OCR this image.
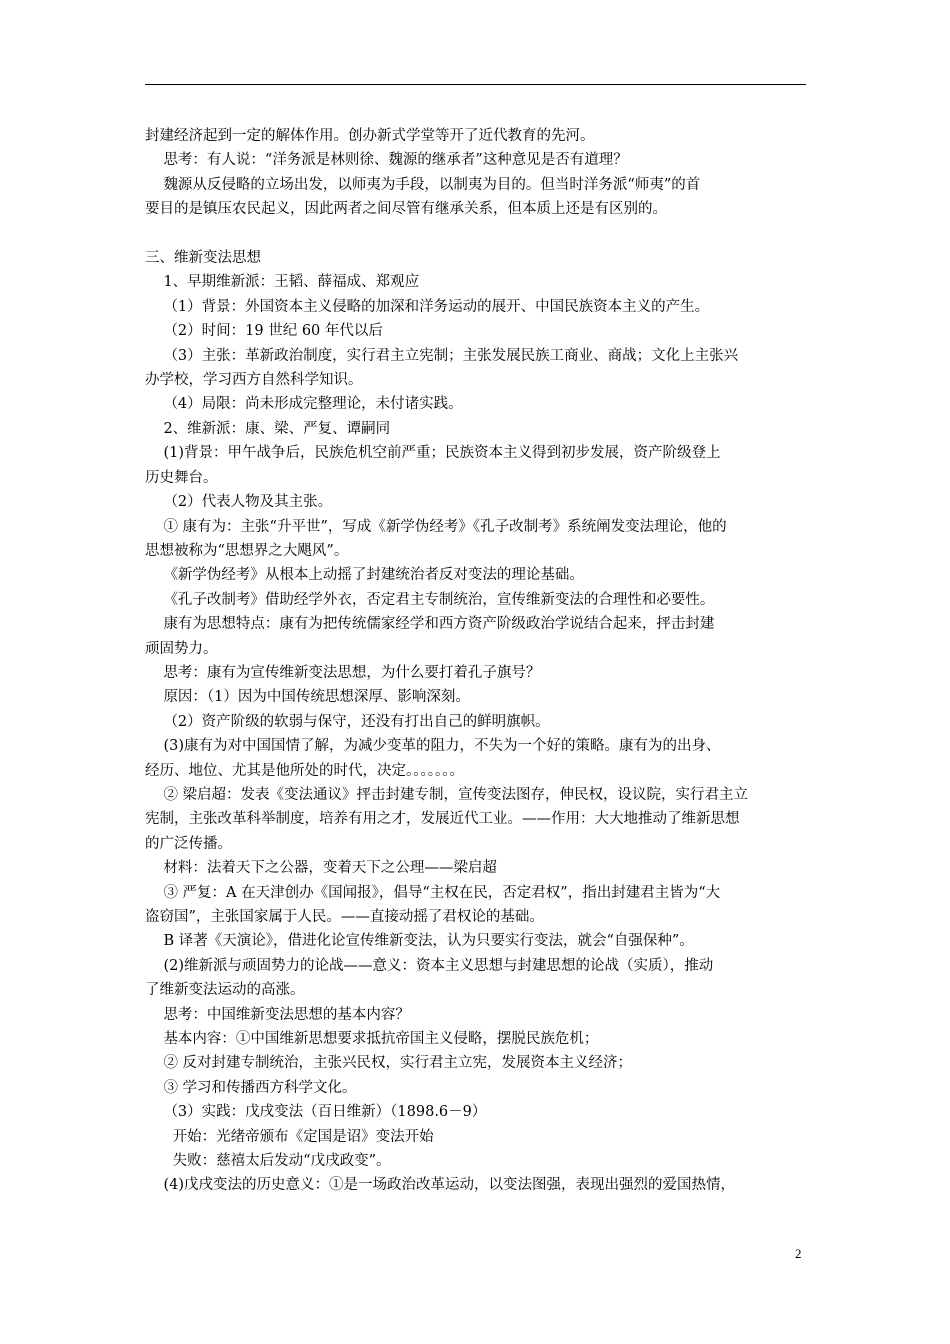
封建经济起到一定的解体作用。创办新式学堂等开了近代教育的先河。

思考：有人说：“洋务派是林则徐、魏源的继承者”这种意见是否有道理？

魏源从反侵略的立场出发，以师夷为手段，以制夷为目的。但当时洋务派“师夷”的首

要目的是镇压农民起义，因此两者之间尽管有继承关系，但本质上还是有区别的。

三、维新变法思想

1、早期维新派：王韬、薛福成、郑观应

（1）背景：外国资本主义侵略的加深和洋务运动的展开、中国民族资本主义的产生。

（2）时间：19 世纪 60 年代以后

（3）主张：革新政治制度，实行君主立宪制；主张发展民族工商业、商战；文化上主张兴

办学校，学习西方自然科学知识。

（4）局限：尚未形成完整理论，未付诸实践。

2、维新派：康、梁、严复、谭嗣同

(1)背景：甲午战争后，民族危机空前严重；民族资本主义得到初步发展，资产阶级登上

历史舞台。

（2）代表人物及其主张。

① 康有为：主张“升平世”，写成《新学伪经考》《孔子改制考》系统阐发变法理论，他的

思想被称为“思想界之大飓风”。

《新学伪经考》从根本上动摇了封建统治者反对变法的理论基础。

《孔子改制考》借助经学外衣，否定君主专制统治，宣传维新变法的合理性和必要性。

康有为思想特点：康有为把传统儒家经学和西方资产阶级政治学说结合起来，抨击封建

顽固势力。

思考：康有为宣传维新变法思想，为什么要打着孔子旗号？

原因：（1）因为中国传统思想深厚、影响深刻。

（2）资产阶级的软弱与保守，还没有打出自己的鲜明旗帜。

(3)康有为对中国国情了解，为减少变革的阻力，不失为一个好的策略。康有为的出身、

经历、地位、尤其是他所处的时代，决定。。。。。。。

② 梁启超：发表《变法通议》抨击封建专制，宣传变法图存，伸民权，设议院，实行君主立

宪制，主张改革科举制度，培养有用之才，发展近代工业。——作用：大大地推动了维新思想

的广泛传播。

材料：法着天下之公器，变着天下之公理——梁启超

③ 严复：A 在天津创办《国闻报》，倡导“主权在民，否定君权”，指出封建君主皆为“大

盗窃国”，主张国家属于人民。——直接动摇了君权论的基础。

B 译著《天演论》，借进化论宣传维新变法，认为只要实行变法，就会“自强保种”。

(2)维新派与顽固势力的论战——意义：资本主义思想与封建思想的论战（实质），推动

了维新变法运动的高涨。

思考：中国维新变法思想的基本内容？

基本内容：①中国维新思想要求抵抗帝国主义侵略，摆脱民族危机；

② 反对封建专制统治，主张兴民权，实行君主立宪，发展资本主义经济；

③ 学习和传播西方科学文化。

（3）实践：戊戌变法（百日维新）（1898.6－9）

开始：光绪帝颁布《定国是诏》变法开始

失败：慈禧太后发动“戊戌政变”。

(4)戊戌变法的历史意义：①是一场政治改革运动，以变法图强，表现出强烈的爱国热情，

2
